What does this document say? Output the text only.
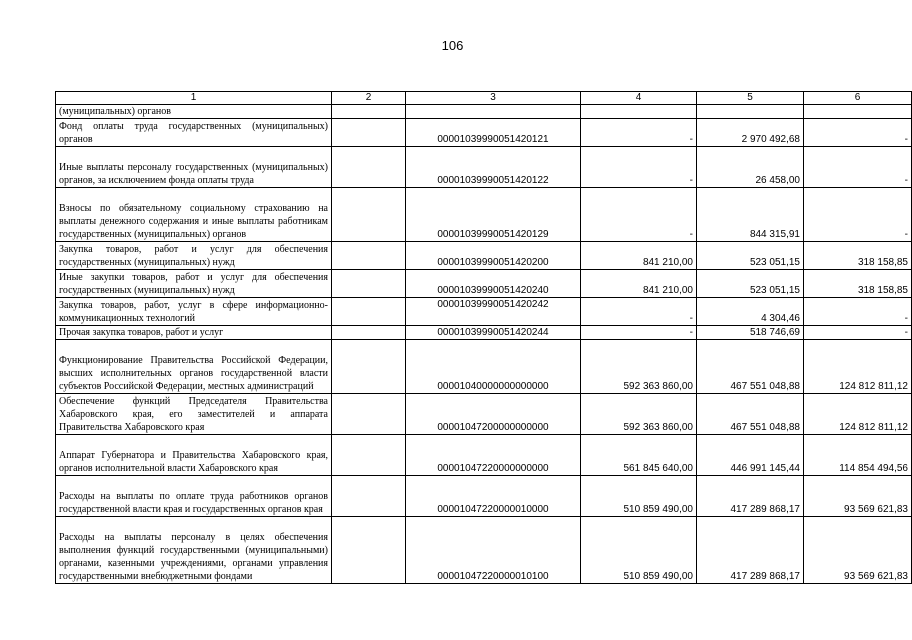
106
1	2	3	4	5	6
(муниципальных) органов					
Фонд оплаты труда государственных (муниципальных) органов		00001039990051420121	-	2 970 492,68	-
Иные выплаты персоналу государственных (муниципальных) органов, за исключением фонда оплаты труда		00001039990051420122	-	26 458,00	-
Взносы по обязательному социальному страхованию на выплаты денежного содержания и иные выплаты работникам государственных (муниципальных) органов		00001039990051420129	-	844 315,91	-
Закупка товаров, работ и услуг для обеспечения государственных (муниципальных) нужд		00001039990051420200	841 210,00	523 051,15	318 158,85
Иные закупки товаров, работ и услуг для обеспечения государственных (муниципальных) нужд		00001039990051420240	841 210,00	523 051,15	318 158,85
Закупка товаров, работ, услуг в сфере информационно-коммуникационных технологий		00001039990051420242	-	4 304,46	-
Прочая закупка товаров, работ и услуг		00001039990051420244	-	518 746,69	-
Функционирование Правительства Российской Федерации, высших исполнительных органов государственной власти субъектов Российской Федерации, местных администраций		00001040000000000000	592 363 860,00	467 551 048,88	124 812 811,12
Обеспечение функций Председателя Правительства Хабаровского края, его заместителей и аппарата Правительства Хабаровского края		00001047200000000000	592 363 860,00	467 551 048,88	124 812 811,12
Аппарат Губернатора и Правительства Хабаровского края, органов исполнительной власти Хабаровского края		00001047220000000000	561 845 640,00	446 991 145,44	114 854 494,56
Расходы на выплаты по оплате труда работников органов государственной власти края и государственных органов края		00001047220000010000	510 859 490,00	417 289 868,17	93 569 621,83
Расходы на выплаты персоналу в целях обеспечения выполнения функций государственными (муниципальными) органами, казенными учреждениями, органами управления государственными внебюджетными фондами		00001047220000010100	510 859 490,00	417 289 868,17	93 569 621,83
